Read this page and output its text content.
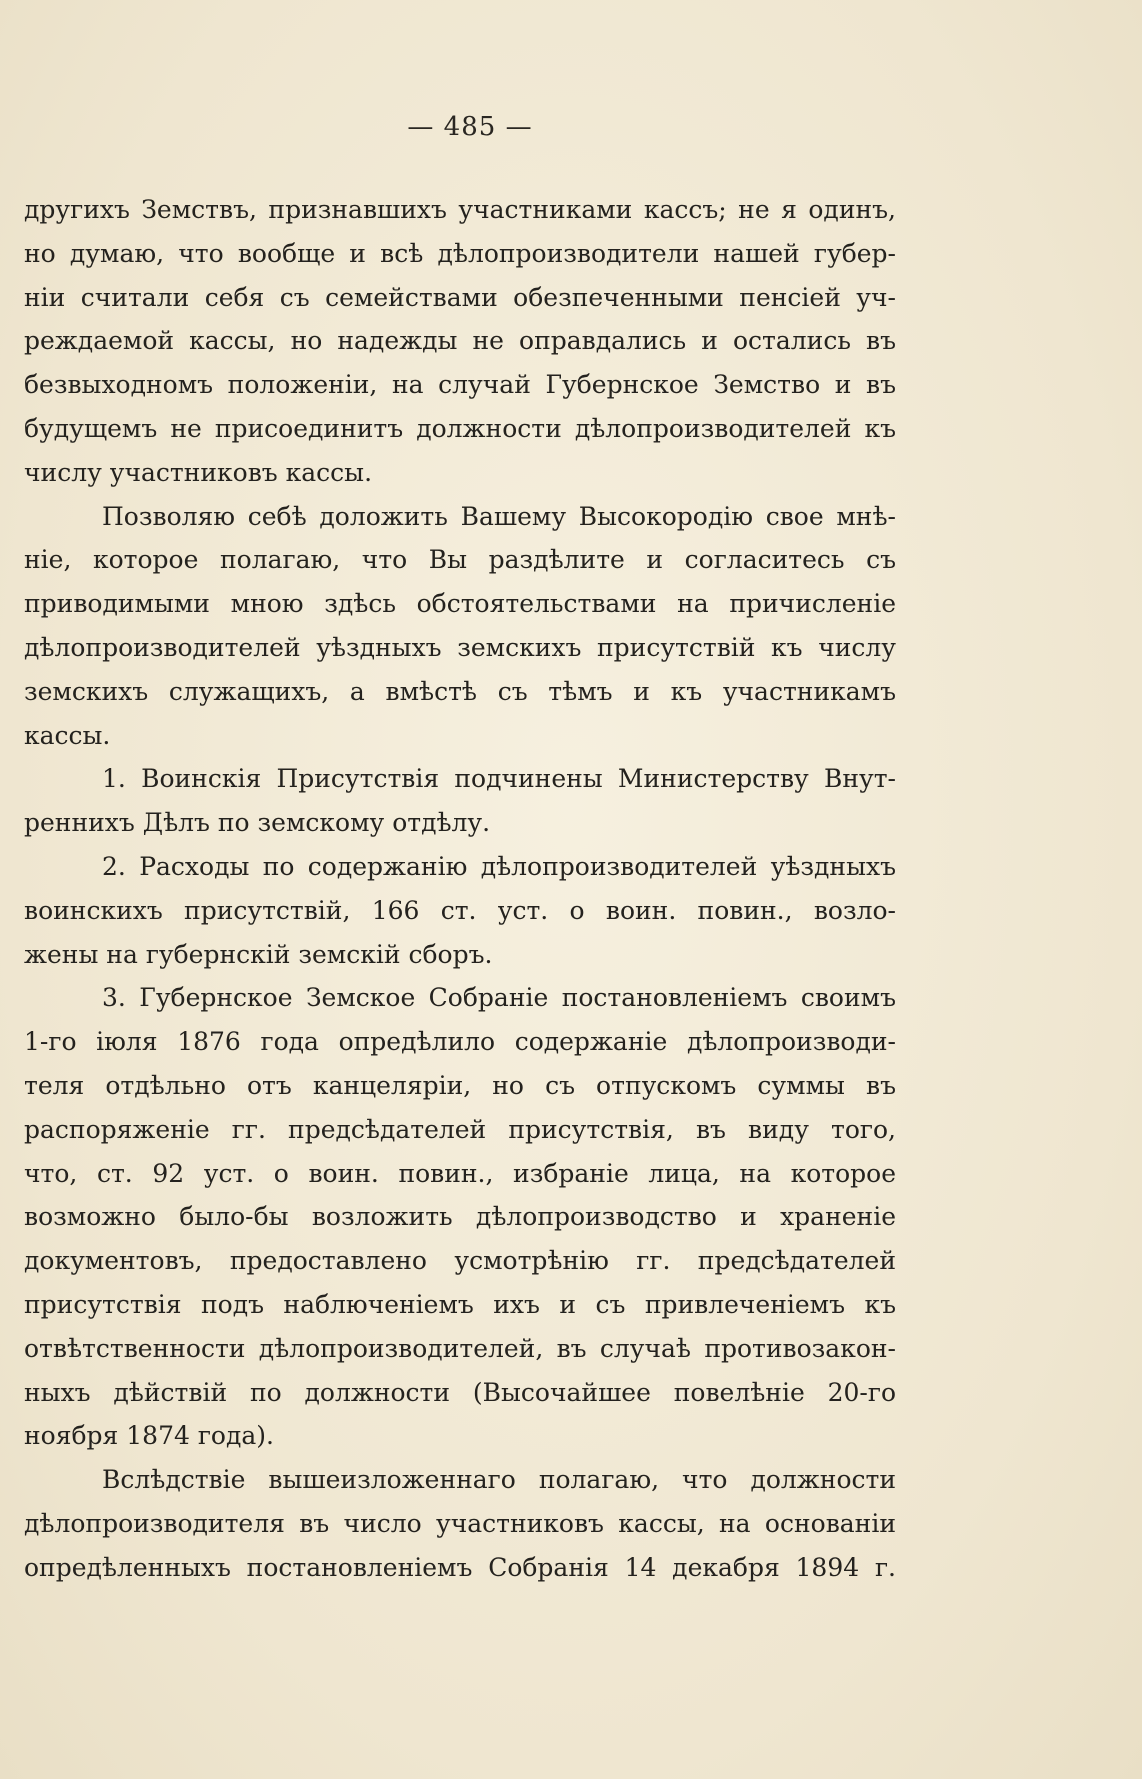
— 485 —
другихъ Земствъ, признавшихъ участниками кассъ; не я одинъ,
но думаю, что вообще и всѣ дѣлопроизводители нашей губер-
ніи считали себя съ семействами обезпеченными пенсіей уч-
реждаемой кассы, но надежды не оправдались и остались въ
безвыходномъ положеніи, на случай Губернское Земство и въ
будущемъ не присоединитъ должности дѣлопроизводителей къ
числу участниковъ кассы.
Позволяю себѣ доложить Вашему Высокородію свое мнѣ-
ніе, которое полагаю, что Вы раздѣлите и согласитесь съ
приводимыми мною здѣсь обстоятельствами на причисленіе
дѣлопроизводителей уѣздныхъ земскихъ присутствій къ числу
земскихъ служащихъ, а вмѣстѣ съ тѣмъ и къ участникамъ
кассы.
1. Воинскія Присутствія подчинены Министерству Внут-
реннихъ Дѣлъ по земскому отдѣлу.
2. Расходы по содержанію дѣлопроизводителей уѣздныхъ
воинскихъ присутствій, 166 ст. уст. о воин. повин., возло-
жены на губернскій земскій сборъ.
3. Губернское Земское Собраніе постановленіемъ своимъ
1-го іюля 1876 года опредѣлило содержаніе дѣлопроизводи-
теля отдѣльно отъ канцеляріи, но съ отпускомъ суммы въ
распоряженіе гг. предсѣдателей присутствія, въ виду того,
что, ст. 92 уст. о воин. повин., избраніе лица, на которое
возможно было-бы возложить дѣлопроизводство и храненіе
документовъ, предоставлено усмотрѣнію гг. предсѣдателей
присутствія подъ наблюченіемъ ихъ и съ привлеченіемъ къ
отвѣтственности дѣлопроизводителей, въ случаѣ противозакон-
ныхъ дѣйствій по должности (Высочайшее повелѣніе 20-го
ноября 1874 года).
Вслѣдствіе вышеизложеннаго полагаю, что должности
дѣлопроизводителя въ число участниковъ кассы, на основаніи
опредѣленныхъ постановленіемъ Собранія 14 декабря 1894 г.
